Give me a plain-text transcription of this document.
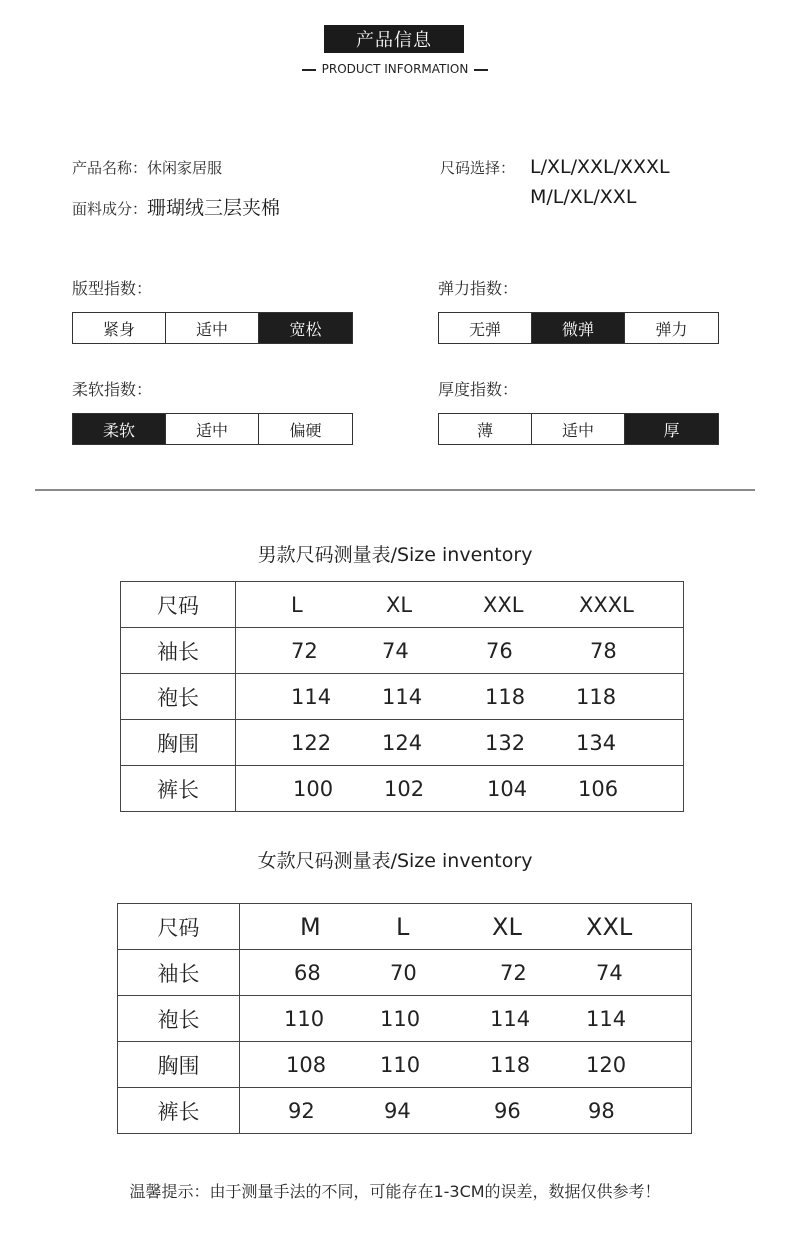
产品信息
PRODUCT INFORMATION
产品名称：休闲家居服
面料成分：珊瑚绒三层夹棉
尺码选择： L/XL/XXL/XXXL
M/L/XL/XXL
版型指数：
紧身	适中	宽松
弹力指数：
无弹	微弹	弹力
柔软指数：
柔软	适中	偏硬
厚度指数：
薄	适中	厚
男款尺码测量表/Size inventory
尺码	L XL XXL XXXL

袖长	72 74 76 78

袍长	114 114 118 118

胸围	122 124 132 134

裤长	100 102 104 106
女款尺码测量表/Size inventory
尺码	M L XL XXL

袖长	68 70 72 74

袍长	110 110 114 114

胸围	108 110 118 120

裤长	92 94 96 98
温馨提示：由于测量手法的不同，可能存在1-3CM的误差，数据仅供参考！
